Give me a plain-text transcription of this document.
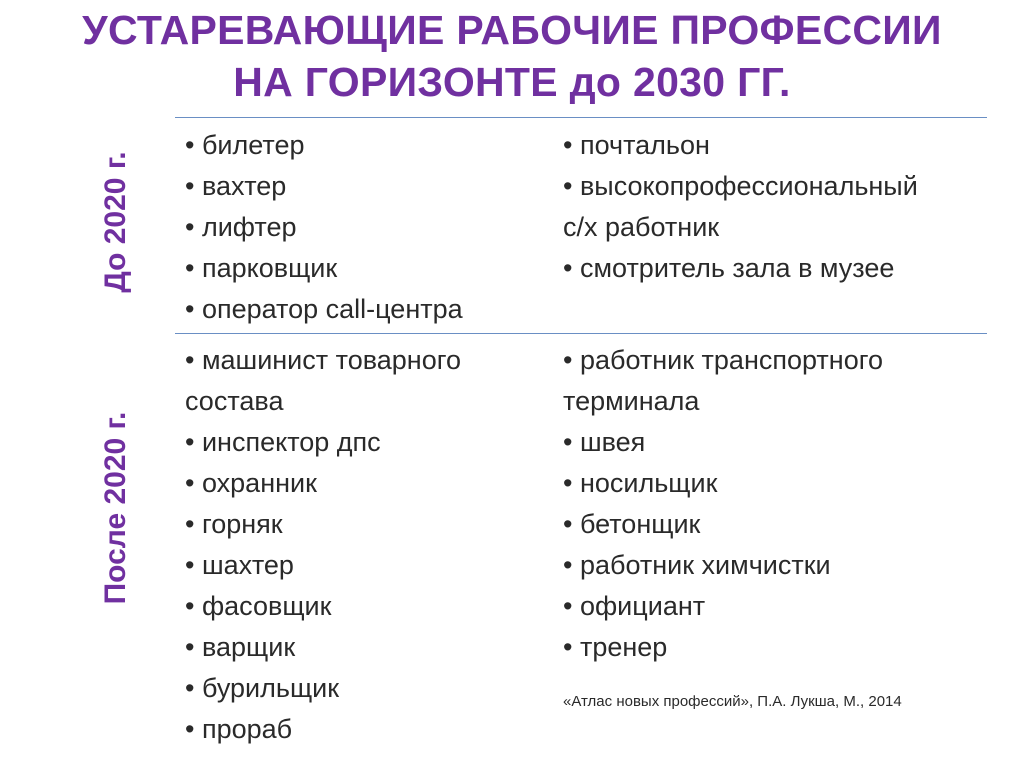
УСТАРЕВАЮЩИЕ РАБОЧИЕ ПРОФЕССИИ
НА ГОРИЗОНТЕ до 2030 ГГ.
До 2020 г.
После 2020 г.
• билетер
• вахтер
• лифтер
• парковщик
• оператор call-центра
• почтальон
• высокопрофессиональный
с/х работник
• смотритель зала в музее
• машинист товарного
состава
• инспектор дпс
• охранник
• горняк
• шахтер
• фасовщик
• варщик
• бурильщик
• прораб
• работник транспортного
терминала
• швея
• носильщик
• бетонщик
• работник химчистки
• официант
• тренер
«Атлас новых профессий», П.А. Лукша, М., 2014
